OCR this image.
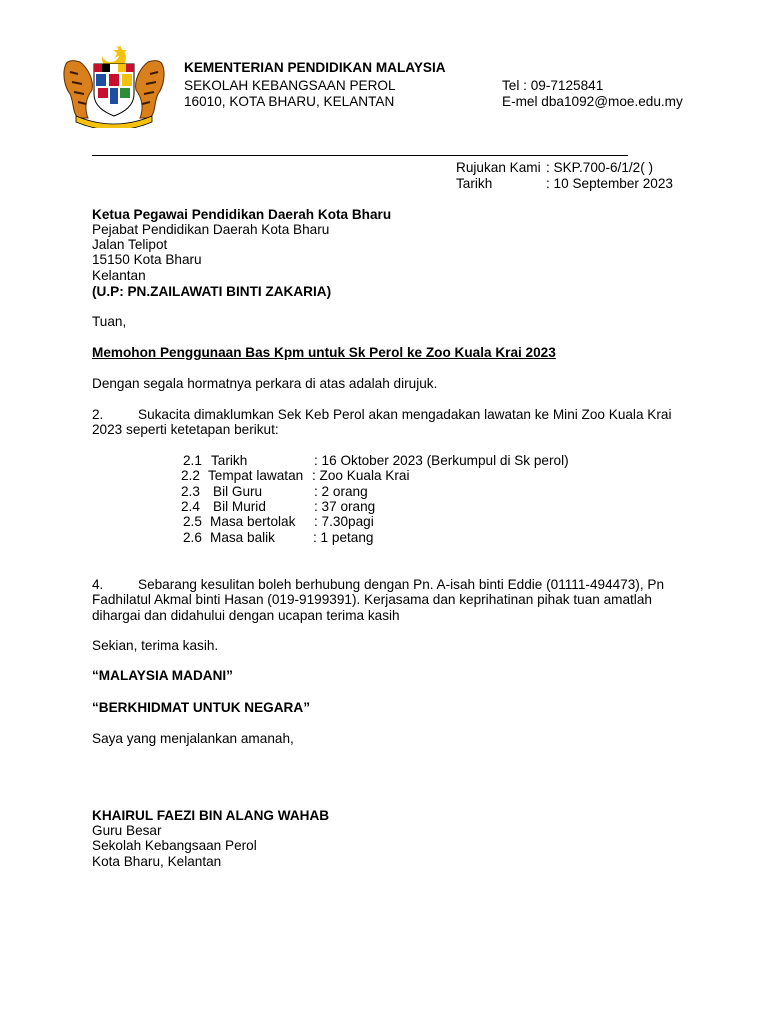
KEMENTERIAN PENDIDIKAN MALAYSIA
SEKOLAH KEBANGSAAN PEROL
16010, KOTA BHARU, KELANTAN
Tel : 09-7125841
E-mel dba1092@moe.edu.my
Rujukan Kami : SKP.700-6/1/2( )
Tarikh	: 10 September 2023
Ketua Pegawai Pendidikan Daerah Kota Bharu
Pejabat Pendidikan Daerah Kota Bharu
Jalan Telipot
15150 Kota Bharu
Kelantan
(U.P: PN.ZAILAWATI BINTI ZAKARIA)
Tuan,
Memohon Penggunaan Bas Kpm untuk Sk Perol ke Zoo Kuala Krai 2023
Dengan segala hormatnya perkara di atas adalah dirujuk.
2.	Sukacita dimaklumkan Sek Keb Perol akan mengadakan lawatan ke Mini Zoo Kuala Krai
2023 seperti ketetapan berikut:
2.1 Tarikh	: 16 Oktober 2023 (Berkumpul di Sk perol)
2.2 Tempat lawatan : Zoo Kuala Krai
2.3 Bil Guru	: 2 orang
2.4 Bil Murid	: 37 orang
2.5 Masa bertolak : 7.30pagi
2.6 Masa balik	: 1 petang
4.	Sebarang kesulitan boleh berhubung dengan Pn. A-isah binti Eddie (01111-494473), Pn
Fadhilatul Akmal binti Hasan (019-9199391). Kerjasama dan keprihatinan pihak tuan amatlah
dihargai dan didahului dengan ucapan terima kasih
Sekian, terima kasih.
“MALAYSIA MADANI”
“BERKHIDMAT UNTUK NEGARA”
Saya yang menjalankan amanah,
KHAIRUL FAEZI BIN ALANG WAHAB
Guru Besar
Sekolah Kebangsaan Perol
Kota Bharu, Kelantan
